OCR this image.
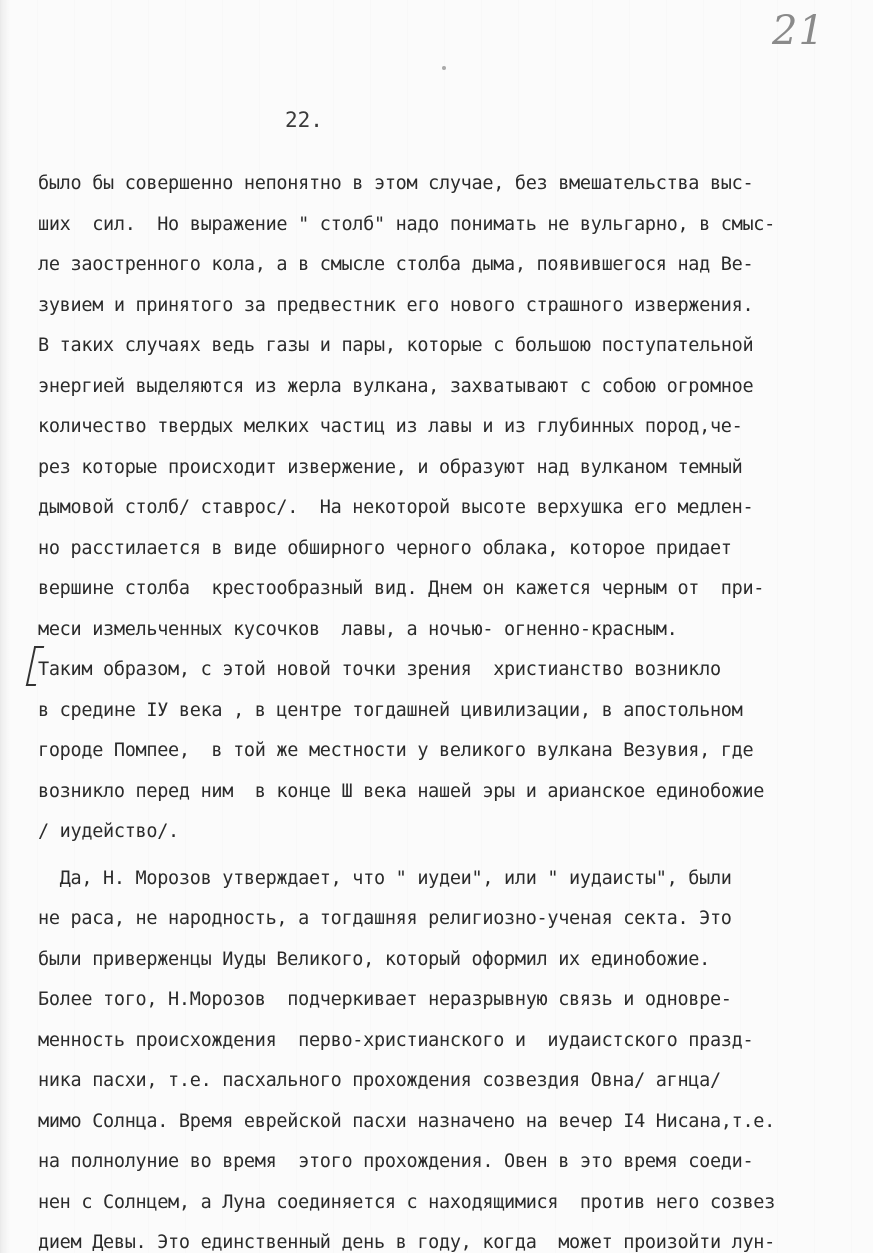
21
22.
было бы совершенно непонятно в этом случае, без вмешательства выс-
ших  сил.  Но выражение " столб" надо понимать не вульгарно, в смыс-
ле заостренного кола, а в смысле столба дыма, появившегося над Ве-
зувием и принятого за предвестник его нового страшного извержения.
В таких случаях ведь газы и пары, которые с большою поступательной
энергией выделяются из жерла вулкана, захватывают с собою огромное
количество твердых мелких частиц из лавы и из глубинных пород,че-
рез которые происходит извержение, и образуют над вулканом темный
дымовой столб/ ставрос/.  На некоторой высоте верхушка его медлен-
но расстилается в виде обширного черного облака, которое придает
вершине столба  крестообразный вид. Днем он кажется черным от  при-
меси измельченных кусочков  лавы, а ночью- огненно-красным.
Таким образом, с этой новой точки зрения  христианство возникло
в средине IУ века , в центре тогдашней цивилизации, в апостольном
городе Помпее,  в той же местности у великого вулкана Везувия, где
возникло перед ним  в конце Ш века нашей эры и арианское единобожие
/ иудейство/.
Да, Н. Морозов утверждает, что " иудеи", или " иудаисты", были
не раса, не народность, а тогдашняя религиозно-ученая секта. Это
были приверженцы Иуды Великого, который оформил их единобожие.
Более того, Н.Морозов  подчеркивает неразрывную связь и одновре-
менность происхождения  перво-христианского и  иудаистского празд-
ника пасхи, т.е. пасхального прохождения созвездия Овна/ агнца/
мимо Солнца. Время еврейской пасхи назначено на вечер I4 Нисана,т.е.
на полнолуние во время  этого прохождения. Овен в это время соеди-
нен с Солнцем, а Луна соединяется с находящимися  против него созвез
дием Девы. Это единственный день в году, когда  может произойти лун-
